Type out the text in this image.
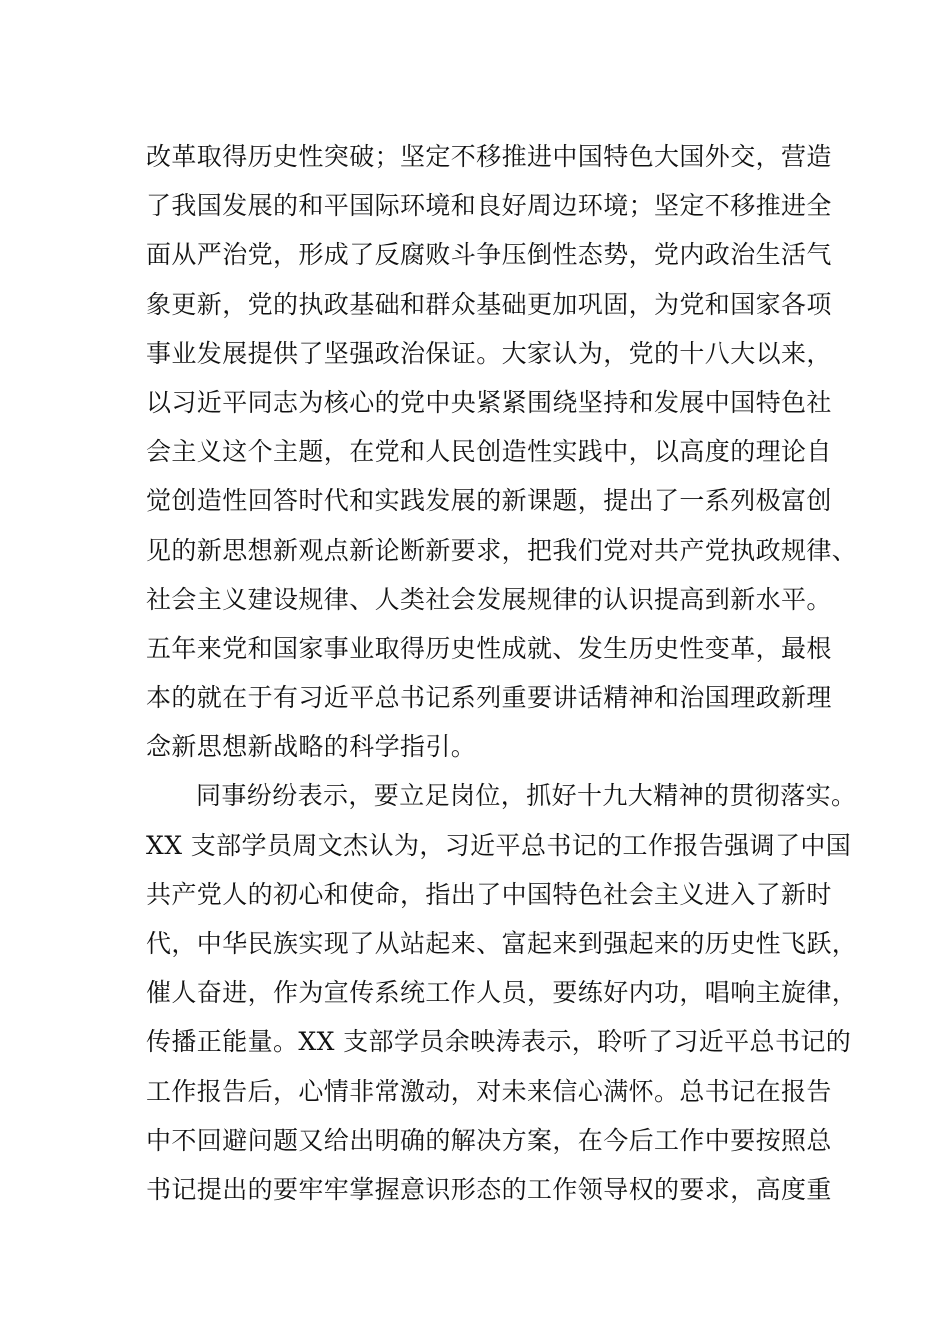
改革取得历史性突破；坚定不移推进中国特色大国外交，营造
了我国发展的和平国际环境和良好周边环境；坚定不移推进全
面从严治党，形成了反腐败斗争压倒性态势，党内政治生活气
象更新，党的执政基础和群众基础更加巩固，为党和国家各项
事业发展提供了坚强政治保证。大家认为，党的十八大以来，
以习近平同志为核心的党中央紧紧围绕坚持和发展中国特色社
会主义这个主题，在党和人民创造性实践中，以高度的理论自
觉创造性回答时代和实践发展的新课题，提出了一系列极富创
见的新思想新观点新论断新要求，把我们党对共产党执政规律、
社会主义建设规律、人类社会发展规律的认识提高到新水平。
五年来党和国家事业取得历史性成就、发生历史性变革，最根
本的就在于有习近平总书记系列重要讲话精神和治国理政新理
念新思想新战略的科学指引。
同事纷纷表示，要立足岗位，抓好十九大精神的贯彻落实。
XX 支部学员周文杰认为，习近平总书记的工作报告强调了中国
共产党人的初心和使命，指出了中国特色社会主义进入了新时
代，中华民族实现了从站起来、富起来到强起来的历史性飞跃，
催人奋进，作为宣传系统工作人员，要练好内功，唱响主旋律，
传播正能量。XX 支部学员余映涛表示，聆听了习近平总书记的
工作报告后，心情非常激动，对未来信心满怀。总书记在报告
中不回避问题又给出明确的解决方案，在今后工作中要按照总
书记提出的要牢牢掌握意识形态的工作领导权的要求，高度重
